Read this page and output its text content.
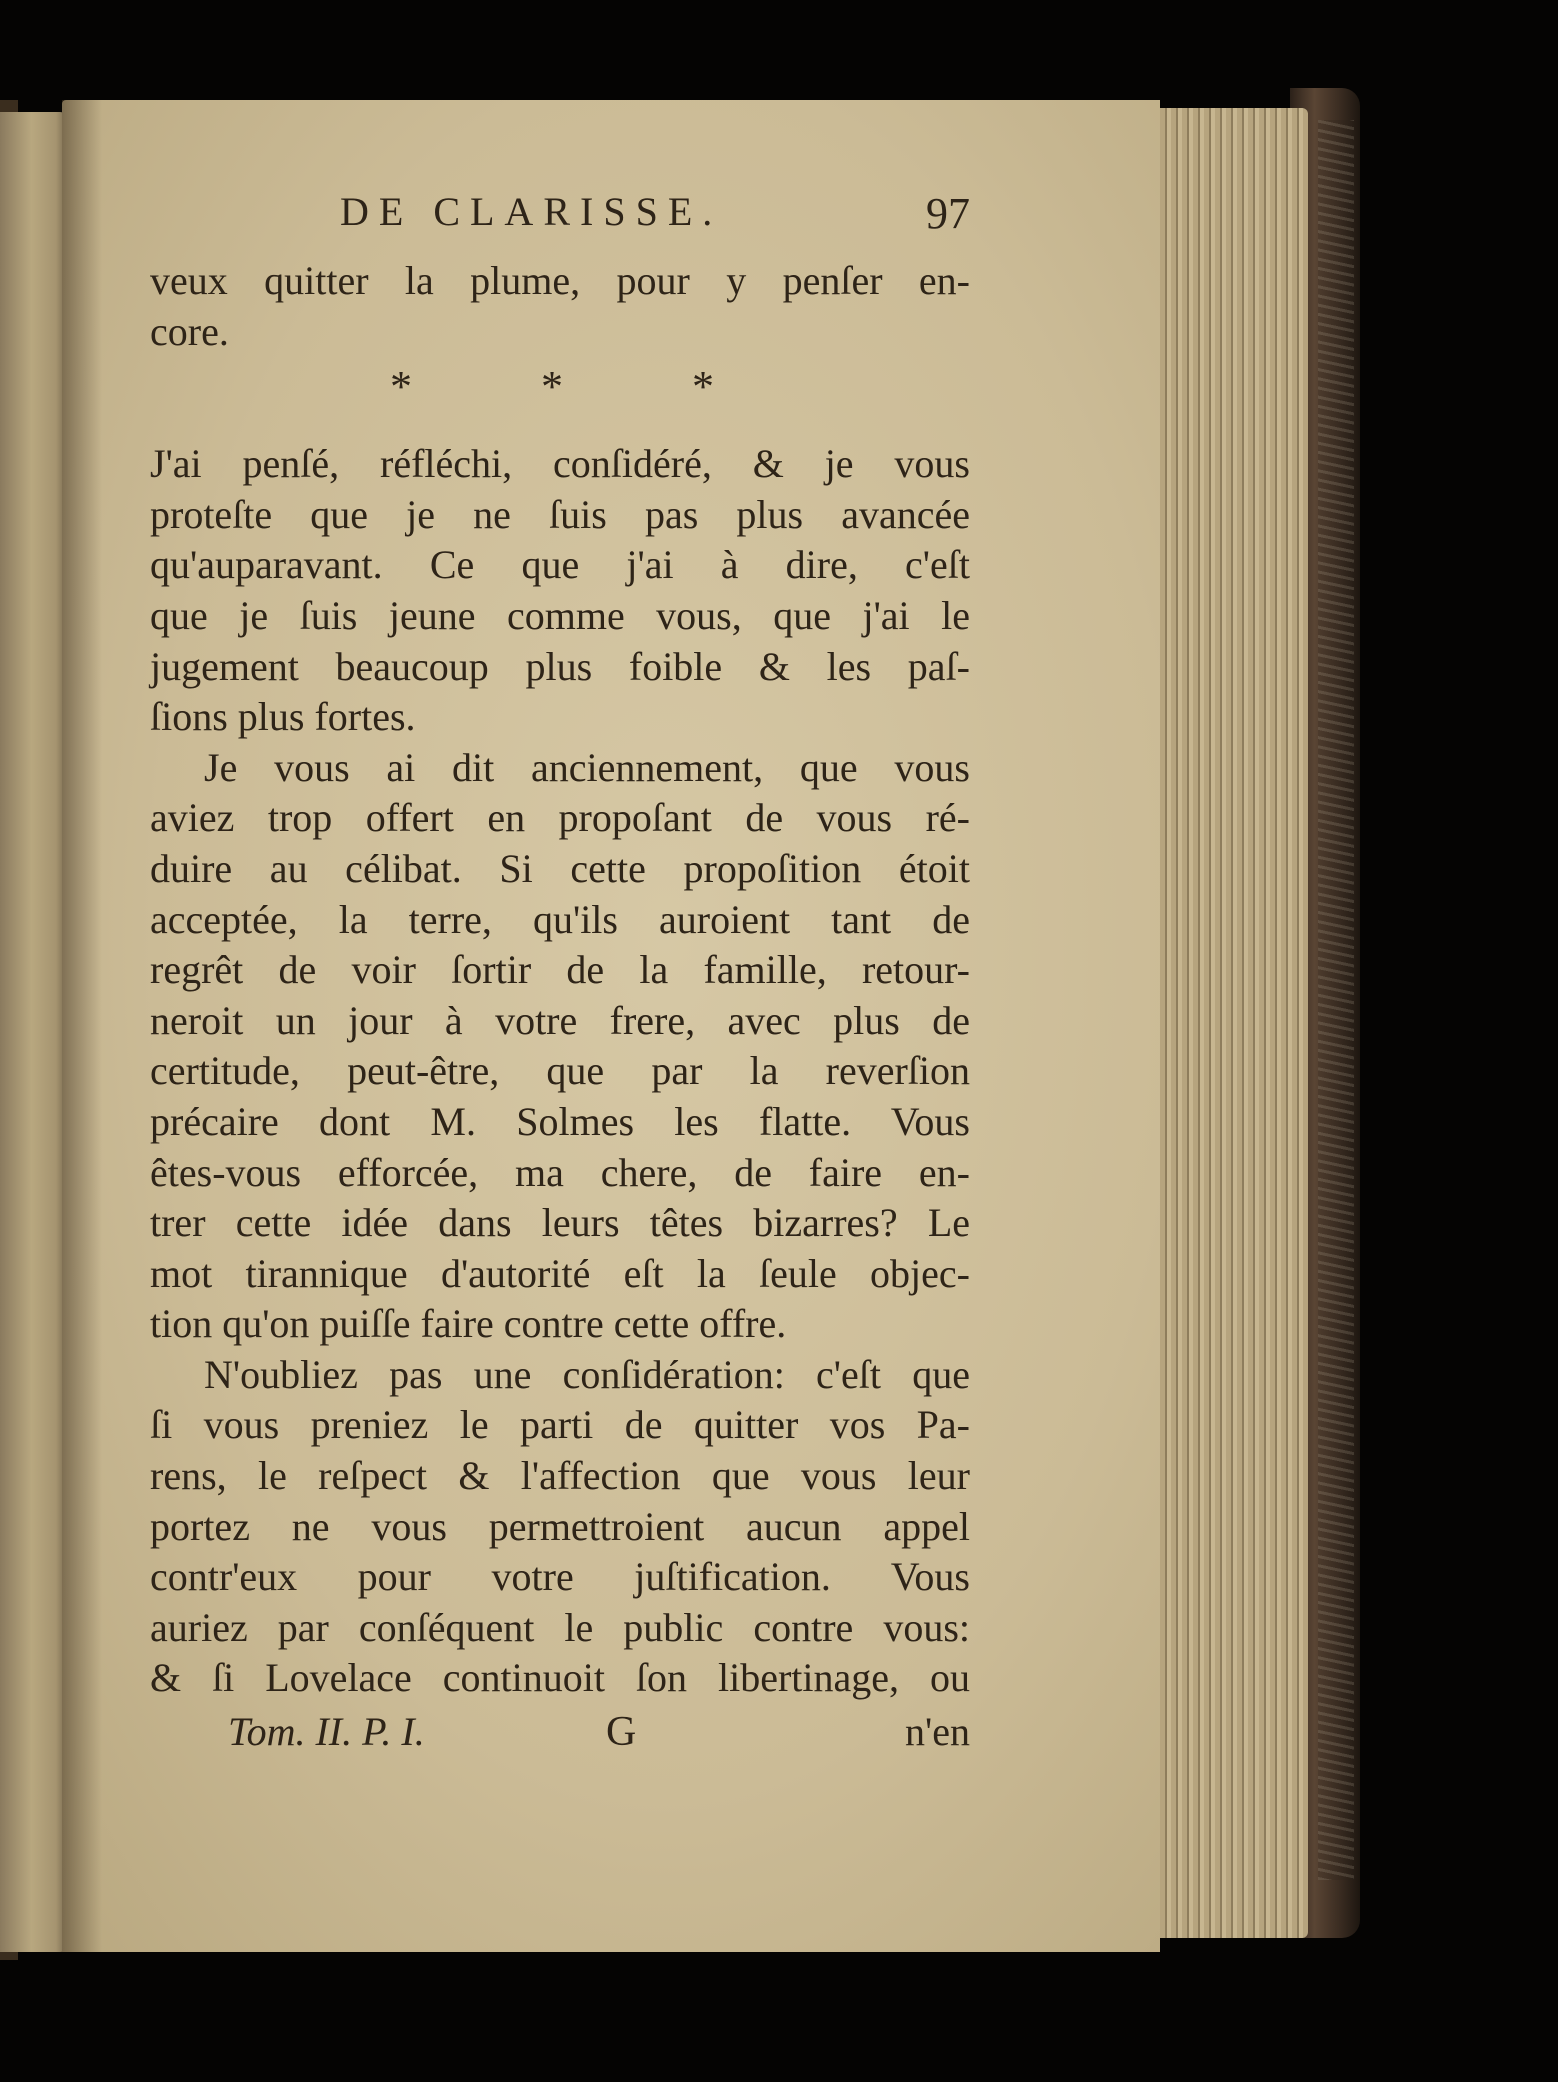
DE CLARISSE.	97
veux quitter la plume, pour y penſer en-
core.
*	*	*
J'ai penſé, réfléchi, conſidéré, & je vous
proteſte que je ne ſuis pas plus avancée
qu'auparavant. Ce que j'ai à dire, c'eſt
que je ſuis jeune comme vous, que j'ai le
jugement beaucoup plus foible & les paſ-
ſions plus fortes.
Je vous ai dit anciennement, que vous
aviez trop offert en propoſant de vous ré-
duire au célibat. Si cette propoſition étoit
acceptée, la terre, qu'ils auroient tant de
regrêt de voir ſortir de la famille, retour-
neroit un jour à votre frere, avec plus de
certitude, peut-être, que par la reverſion
précaire dont M. Solmes les flatte. Vous
êtes-vous efforcée, ma chere, de faire en-
trer cette idée dans leurs têtes bizarres? Le
mot tirannique d'autorité eſt la ſeule objec-
tion qu'on puiſſe faire contre cette offre.
N'oubliez pas une conſidération: c'eſt que
ſi vous preniez le parti de quitter vos Pa-
rens, le reſpect & l'affection que vous leur
portez ne vous permettroient aucun appel
contr'eux pour votre juſtification. Vous
auriez par conſéquent le public contre vous:
& ſi Lovelace continuoit ſon libertinage, ou
Tom. II. P. I.	G	n'en
